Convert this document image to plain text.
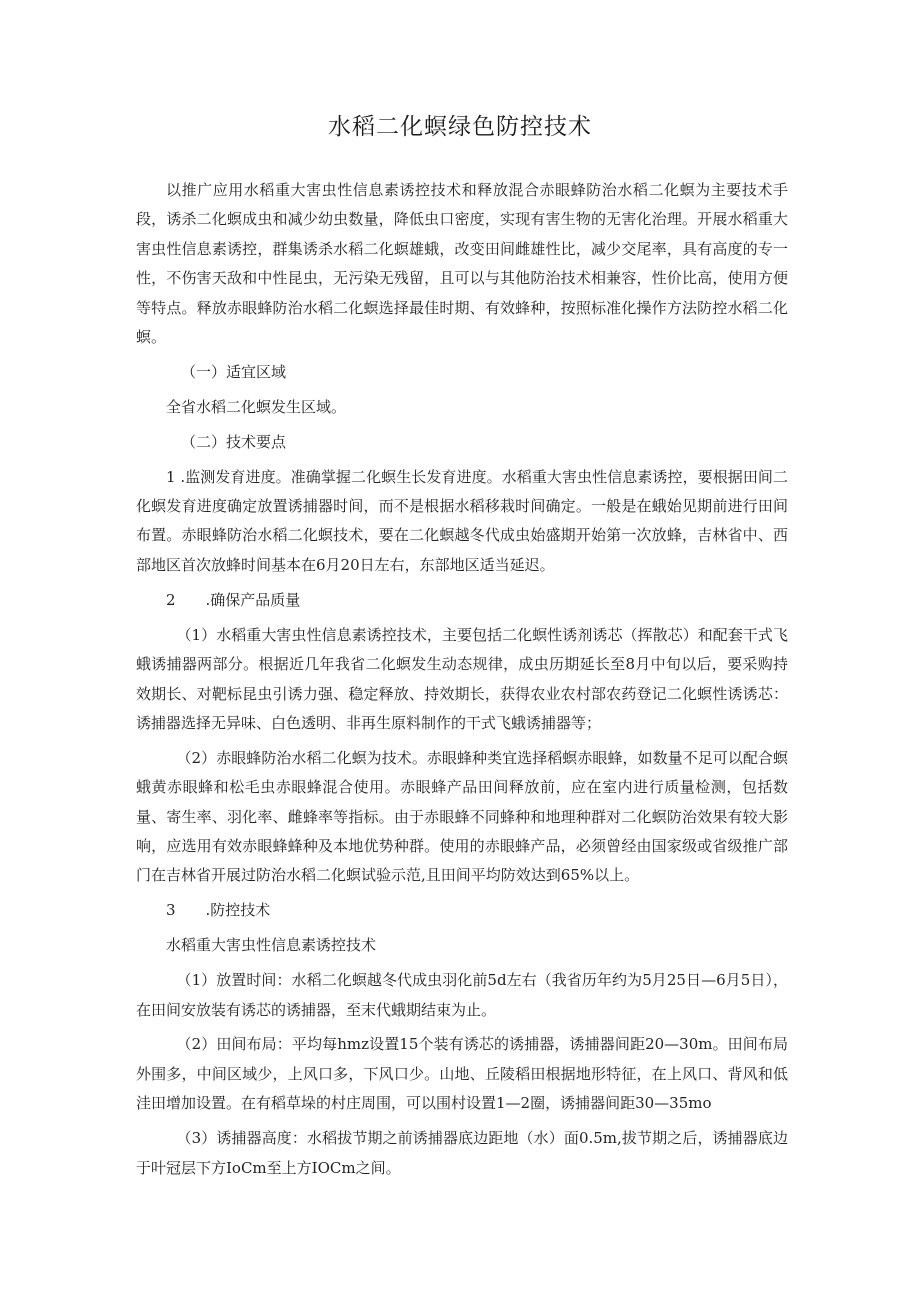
水稻二化螟绿色防控技术

以推广应用水稻重大害虫性信息素诱控技术和释放混合赤眼蜂防治水稻二化螟为主要技术手段，诱杀二化螟成虫和减少幼虫数量，降低虫口密度，实现有害生物的无害化治理。开展水稻重大害虫性信息素诱控，群集诱杀水稻二化螟雄蛾，改变田间雌雄性比，减少交尾率，具有高度的专一性，不伤害天敌和中性昆虫，无污染无残留，且可以与其他防治技术相兼容，性价比高，使用方便等特点。释放赤眼蜂防治水稻二化螟选择最佳时期、有效蜂种，按照标准化操作方法防控水稻二化螟。

（一）适宜区域

全省水稻二化螟发生区域。

（二）技术要点

1 .监测发育进度。准确掌握二化螟生长发育进度。水稻重大害虫性信息素诱控，要根据田间二化螟发育进度确定放置诱捕器时间，而不是根据水稻移栽时间确定。一般是在蛾始见期前进行田间布置。赤眼蜂防治水稻二化螟技术，要在二化螟越冬代成虫始盛期开始第一次放蜂，吉林省中、西部地区首次放蜂时间基本在6月20日左右，东部地区适当延迟。

2　　.确保产品质量

（1）水稻重大害虫性信息素诱控技术，主要包括二化螟性诱剂诱芯（挥散芯）和配套干式飞蛾诱捕器两部分。根据近几年我省二化螟发生动态规律，成虫历期延长至8月中旬以后，要采购持效期长、对靶标昆虫引诱力强、稳定释放、持效期长，获得农业农村部农药登记二化螟性诱诱芯：诱捕器选择无异味、白色透明、非再生原料制作的干式飞蛾诱捕器等；

（2）赤眼蜂防治水稻二化螟为技术。赤眼蜂种类宜选择稻螟赤眼蜂，如数量不足可以配合螟蛾黄赤眼蜂和松毛虫赤眼蜂混合使用。赤眼蜂产品田间释放前，应在室内进行质量检测，包括数量、寄生率、羽化率、雌蜂率等指标。由于赤眼蜂不同蜂种和地理种群对二化螟防治效果有较大影响，应选用有效赤眼蜂蜂种及本地优势种群。使用的赤眼蜂产品，必须曾经由国家级或省级推广部门在吉林省开展过防治水稻二化螟试验示范,且田间平均防效达到65%以上。

3　　.防控技术

水稻重大害虫性信息素诱控技术

（1）放置时间：水稻二化螟越冬代成虫羽化前5d左右（我省历年约为5月25日—6月5日），在田间安放装有诱芯的诱捕器，至末代蛾期结束为止。

（2）田间布局：平均每hmz设置15个装有诱芯的诱捕器，诱捕器间距20—30m。田间布局外围多，中间区域少，上风口多，下风口少。山地、丘陵稻田根据地形特征，在上风口、背风和低洼田增加设置。在有稻草垛的村庄周围，可以围村设置1—2圈，诱捕器间距30—35mo

（3）诱捕器高度：水稻拔节期之前诱捕器底边距地（水）面0.5m,拔节期之后，诱捕器底边于叶冠层下方IoCm至上方IOCm之间。
